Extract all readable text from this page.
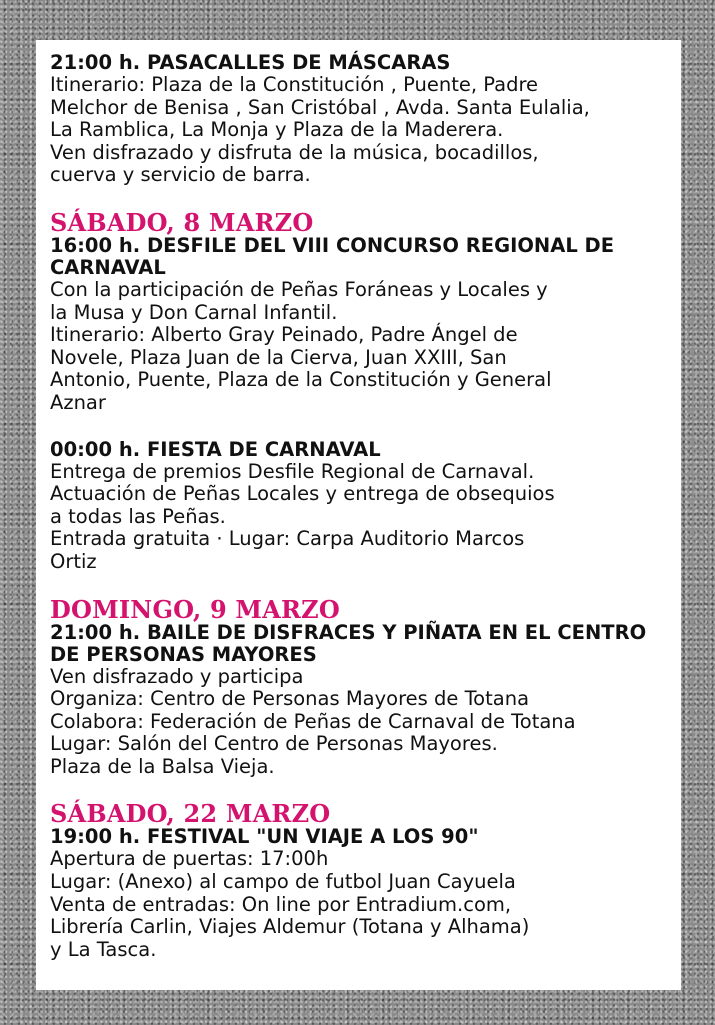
21:00 h. PASACALLES DE MÁSCARAS
Itinerario: Plaza de la Constitución , Puente, Padre
Melchor de Benisa , San Cristóbal , Avda. Santa Eulalia,
La Ramblica, La Monja y Plaza de la Maderera.
Ven disfrazado y disfruta de la música, bocadillos,
cuerva y servicio de barra.
SÁBADO, 8 MARZO
16:00 h. DESFILE DEL VIII CONCURSO REGIONAL DE CARNAVAL
Con la participación de Peñas Foráneas y Locales y
la Musa y Don Carnal Infantil.
Itinerario: Alberto Gray Peinado, Padre Ángel de
Novele, Plaza Juan de la Cierva, Juan XXIII, San
Antonio, Puente, Plaza de la Constitución y General
Aznar
00:00 h. FIESTA DE CARNAVAL
Entrega de premios Desfile Regional de Carnaval.
Actuación de Peñas Locales y entrega de obsequios
a todas las Peñas.
Entrada gratuita · Lugar: Carpa Auditorio Marcos
Ortiz
DOMINGO, 9 MARZO
21:00 h. BAILE DE DISFRACES Y PIÑATA EN EL CENTRO DE PERSONAS MAYORES
Ven disfrazado y participa
Organiza: Centro de Personas Mayores de Totana
Colabora: Federación de Peñas de Carnaval de Totana
Lugar: Salón del Centro de Personas Mayores.
Plaza de la Balsa Vieja.
SÁBADO, 22 MARZO
19:00 h. FESTIVAL "UN VIAJE A LOS 90"
Apertura de puertas: 17:00h
Lugar: (Anexo) al campo de futbol Juan Cayuela
Venta de entradas: On line por Entradium.com,
Librería Carlin, Viajes Aldemur (Totana y Alhama)
y La Tasca.
